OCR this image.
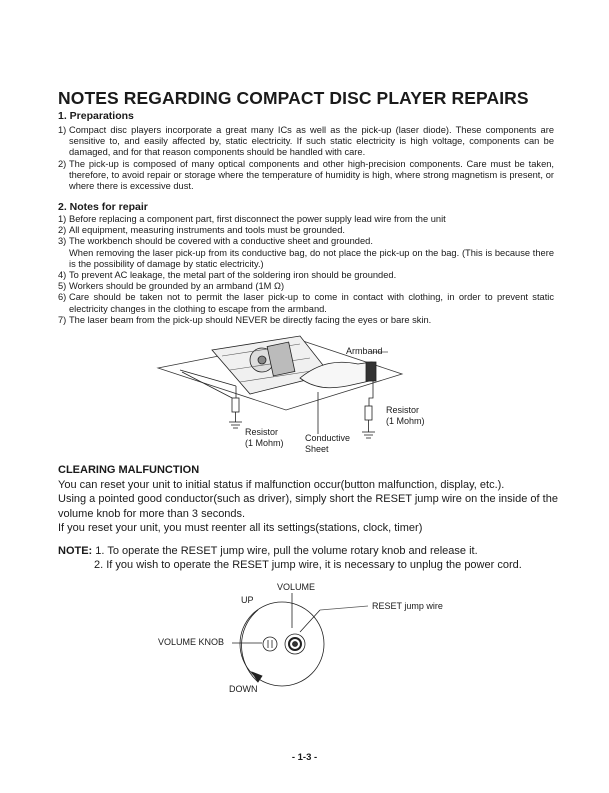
NOTES REGARDING COMPACT DISC PLAYER REPAIRS
1. Preparations
1) Compact disc players incorporate a great many ICs as well as the pick-up (laser diode). These components are sensitive to, and easily affected by, static electricity. If such static electricity is high voltage, components can be damaged, and for that reason components should be handled with care.
2) The pick-up is composed of many optical components and other high-precision components. Care must be taken, therefore, to avoid repair or storage where the temperature of humidity is high, where strong magnetism is present, or where there is excessive dust.
2. Notes for repair
1) Before replacing a component part, first disconnect the power supply lead wire from the unit
2) All equipment, measuring instruments and tools must be grounded.
3) The workbench should be covered with a conductive sheet and grounded.
When removing the laser pick-up from its conductive bag, do not place the pick-up on the bag. (This is because there is the possibility of damage by static electricity.)
4) To prevent AC leakage, the metal part of the soldering iron should be grounded.
5) Workers should be grounded by an armband (1M Ω)
6) Care should be taken not to permit the laser pick-up to come in contact with clothing, in order to prevent static electricity changes in the clothing to escape from the armband.
7) The laser beam from the pick-up should NEVER be directly facing the eyes or bare skin.
Armband
Resistor
(1 Mohm) Conductive
Sheet
Resistor
(1 Mohm)
CLEARING MALFUNCTION

You can reset your unit to initial status if malfunction occur(button malfunction, display, etc.).

Using a pointed good conductor(such as driver), simply short the RESET jump wire on the inside of the volume knob for more than 3 seconds.

If you reset your unit, you must reenter all its settings(stations, clock, timer)

NOTE: 1. To operate the RESET jump wire, pull the volume rotary knob and release it.
2. If you wish to operate the RESET jump wire, it is necessary to unplug the power cord.
VOLUME
UP
RESET jump wire
VOLUME KNOB
DOWN
- 1-3 -
